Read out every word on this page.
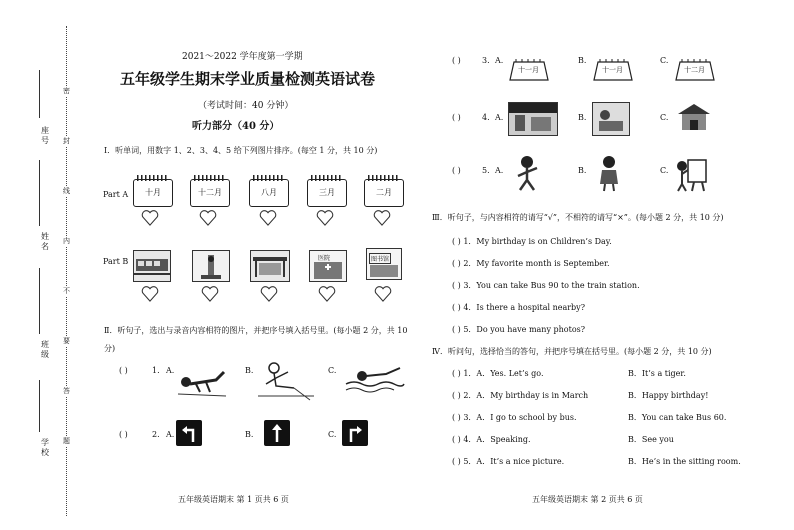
座号
姓名
班级
学校
密
封
线
内
不
要
答
题
2021～2022 学年度第一学期
五年级学生期末学业质量检测英语试卷
（考试时间：40 分钟）
听力部分（40 分）
Ⅰ．听单词，用数字 1、2、3、4、5 给下列图片排序。(每空 1 分，共 10 分)
Part A	十月	十二月	八月	三月	二月
Part B	医院	图书馆
Ⅱ．听句子，选出与录音内容相符的图片，并把序号填入括号里。(每小题 2 分，共 10 分)
( )	1. A.	B.	C.
( )	2. A.	B.	C.
( )	3. A.
十一月
B.
十一月
C.
十二月
( )	4. A.	B.	C.
( )	5. A.	B.	C.
Ⅲ．听句子，与内容相符的请写“√”，不相符的请写“×”。(每小题 2 分，共 10 分)
( ) 1．My birthday is on Children’s Day.
( ) 2．My favorite month is September.
( ) 3．You can take Bus 90 to the train station.
( ) 4．Is there a hospital nearby?
( ) 5．Do you have many photos?
Ⅳ．听问句，选择恰当的答句，并把序号填在括号里。(每小题 2 分，共 10 分)
( ) 1．A．Yes. Let’s go.	B．It’s a tiger.
( ) 2．A．My birthday is in March	B．Happy birthday!
( ) 3．A．I go to school by bus.	B．You can take Bus 60.
( ) 4．A．Speaking.	B．See you
( ) 5．A．It’s a nice picture.	B．He’s in the sitting room.
五年级英语期末 第 1 页共 6 页	五年级英语期末 第 2 页共 6 页
